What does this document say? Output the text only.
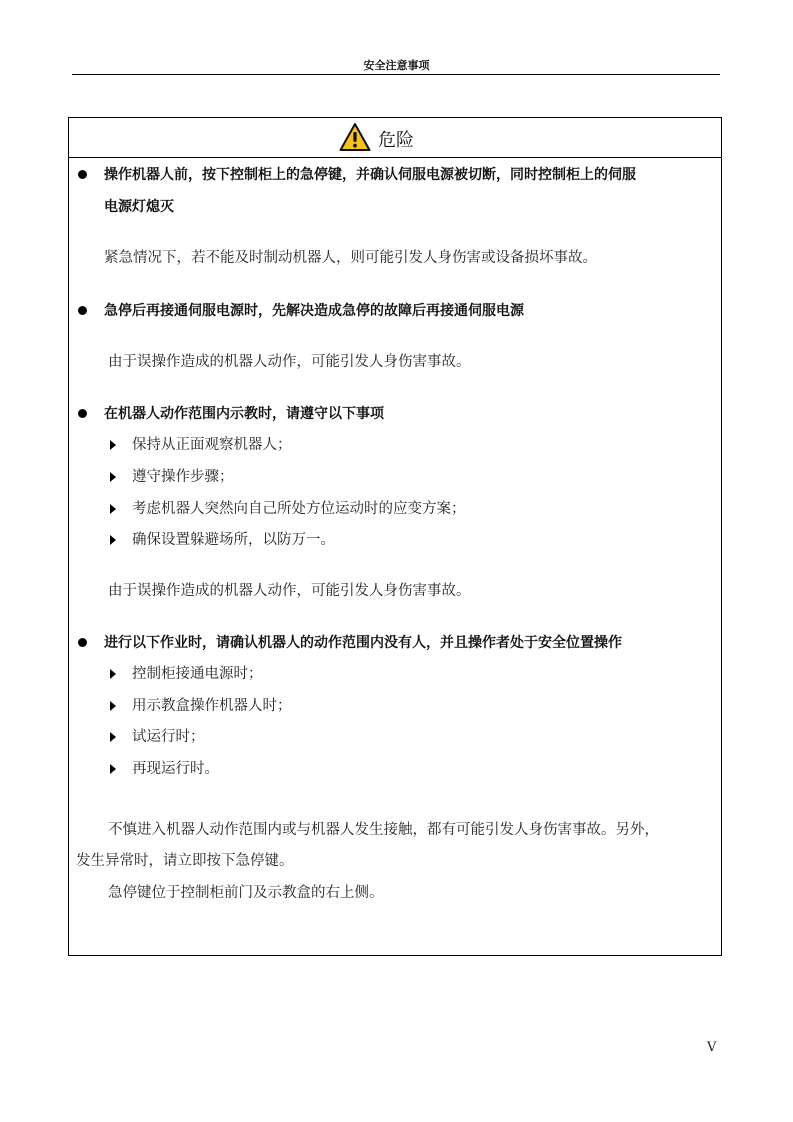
安全注意事项
危险
操作机器人前，按下控制柜上的急停键，并确认伺服电源被切断，同时控制柜上的伺服
电源灯熄灭
紧急情况下，若不能及时制动机器人，则可能引发人身伤害或设备损坏事故。
急停后再接通伺服电源时，先解决造成急停的故障后再接通伺服电源
由于误操作造成的机器人动作，可能引发人身伤害事故。
在机器人动作范围内示教时，请遵守以下事项
保持从正面观察机器人；
遵守操作步骤；
考虑机器人突然向自己所处方位运动时的应变方案；
确保设置躲避场所，以防万一。
由于误操作造成的机器人动作，可能引发人身伤害事故。
进行以下作业时，请确认机器人的动作范围内没有人，并且操作者处于安全位置操作
控制柜接通电源时；
用示教盒操作机器人时；
试运行时；
再现运行时。
不慎进入机器人动作范围内或与机器人发生接触，都有可能引发人身伤害事故。另外，
发生异常时，请立即按下急停键。
急停键位于控制柜前门及示教盒的右上侧。
V
